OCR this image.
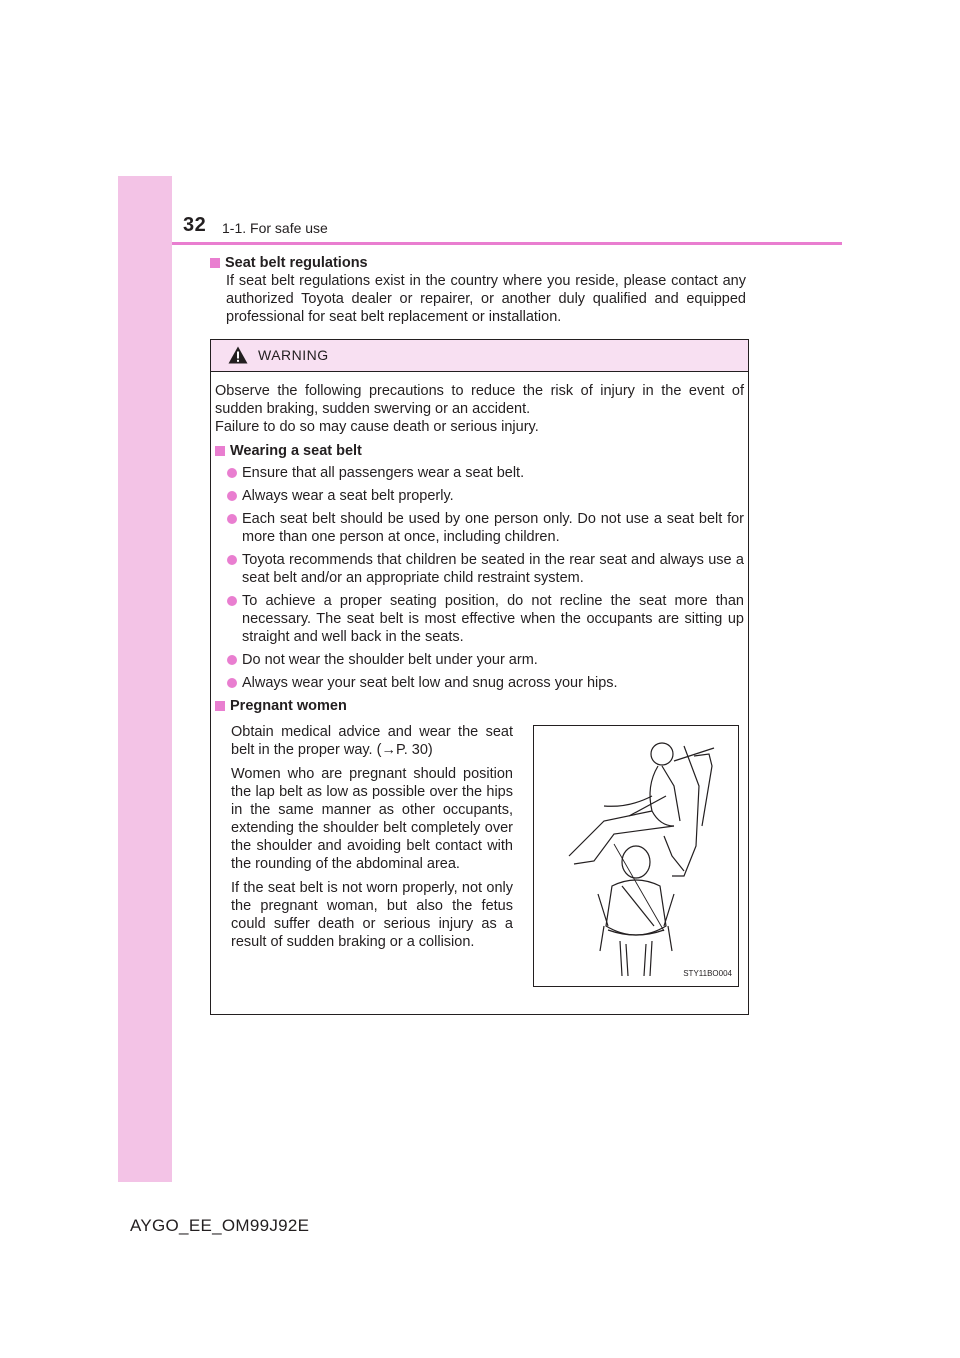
32 1-1. For safe use
Seat belt regulations
If seat belt regulations exist in the country where you reside, please contact any authorized Toyota dealer or repairer, or another duly qualified and equipped professional for seat belt replacement or installation.
WARNING
Observe the following precautions to reduce the risk of injury in the event of sudden braking, sudden swerving or an accident.
Failure to do so may cause death or serious injury.
Wearing a seat belt
Ensure that all passengers wear a seat belt.
Always wear a seat belt properly.
Each seat belt should be used by one person only. Do not use a seat belt for more than one person at once, including children.
Toyota recommends that children be seated in the rear seat and always use a seat belt and/or an appropriate child restraint system.
To achieve a proper seating position, do not recline the seat more than necessary. The seat belt is most effective when the occupants are sitting up straight and well back in the seats.
Do not wear the shoulder belt under your arm.
Always wear your seat belt low and snug across your hips.
Pregnant women

Obtain medical advice and wear the seat belt in the proper way. (→P. 30)

Women who are pregnant should position the lap belt as low as possible over the hips in the same manner as other occupants, extending the shoulder belt completely over the shoulder and avoiding belt contact with the rounding of the abdominal area.

If the seat belt is not worn properly, not only the pregnant woman, but also the fetus could suffer death or serious injury as a result of sudden braking or a collision.

STY11BO004
AYGO_EE_OM99J92E
